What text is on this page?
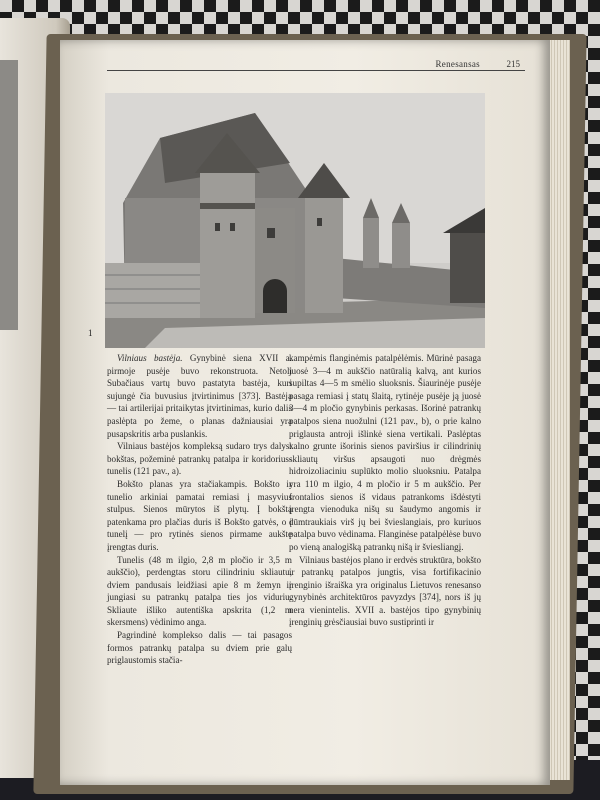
Renesansas	215
1

Vilniaus bastėja. Gynybinė siena XVII a. pirmoje pusėje buvo rekonstruota. Netoli Subačiaus vartų buvo pastatyta bastėja, kuri sujungė čia buvusius įtvirtinimus [373]. Bastėja — tai artilerijai pritaikytas įtvirtinimas, kurio dalis paslėpta po žeme, o planas dažniausiai yra pusapskritis arba puslankis.

Vilniaus bastėjos kompleksą sudaro trys dalys: bokštas, požeminė patrankų patalpa ir koridorius-tunelis (121 pav., a).

Bokšto planas yra stačiakampis. Bokšto ir tunelio arkiniai pamatai remiasi į masyvius stulpus. Sienos mūrytos iš plytų. Į bokštą patenkama pro plačias duris iš Bokšto gatvės, o į tunelį — pro rytinės sienos pirmame aukšte įrengtas duris.

Tunelis (48 m ilgio, 2,8 m pločio ir 3,5 m aukščio), perdengtas storu cilindriniu skliautu, dviem pandusais leidžiasi apie 8 m žemyn ir jungiasi su patrankų patalpa ties jos viduriu. Skliaute išliko autentiška apskrita (1,2 m skersmens) vėdinimo anga.

Pagrindinė komplekso dalis — tai pasagos formos patrankų patalpa su dviem prie galų priglaustomis stačia-

kampėmis flanginėmis patalpėlėmis. Mūrinė pasaga juosė 3—4 m aukščio natūralią kalvą, ant kurios supiltas 4—5 m smėlio sluoksnis. Šiaurinėje pusėje pasaga remiasi į statų šlaitą, rytinėje pusėje ją juosė 3—4 m pločio gynybinis perkasas. Išorinė patrankų patalpos siena nuožulni (121 pav., b), o prie kalno priglausta antroji išlinkė siena vertikali. Paslėptas kalno grunte išorinis sienos paviršius ir cilindrinių skliautų viršus apsaugoti nuo drėgmės hidroizoliaciniu suplūkto molio sluoksniu. Patalpa yra 110 m ilgio, 4 m pločio ir 5 m aukščio. Per frontalios sienos iš vidaus patrankoms išdėstyti įrengta vienoduka nišų su šaudymo angomis ir dūmtraukiais virš jų bei švieslangiais, pro kuriuos patalpa buvo vėdinama. Flanginėse patalpėlėse buvo po vieną analogišką patrankų nišą ir šviesliangį.

Vilniaus bastėjos plano ir erdvės struktūra, bokšto ir patrankų patalpos jungtis, visa fortifikacinio įrenginio išraiška yra originalus Lietuvos renesanso gynybinės architektūros pavyzdys [374], nors iš jų nera vienintelis. XVII a. bastėjos tipo gynybinių įrenginių grėsčiausiai buvo sustiprinti ir
